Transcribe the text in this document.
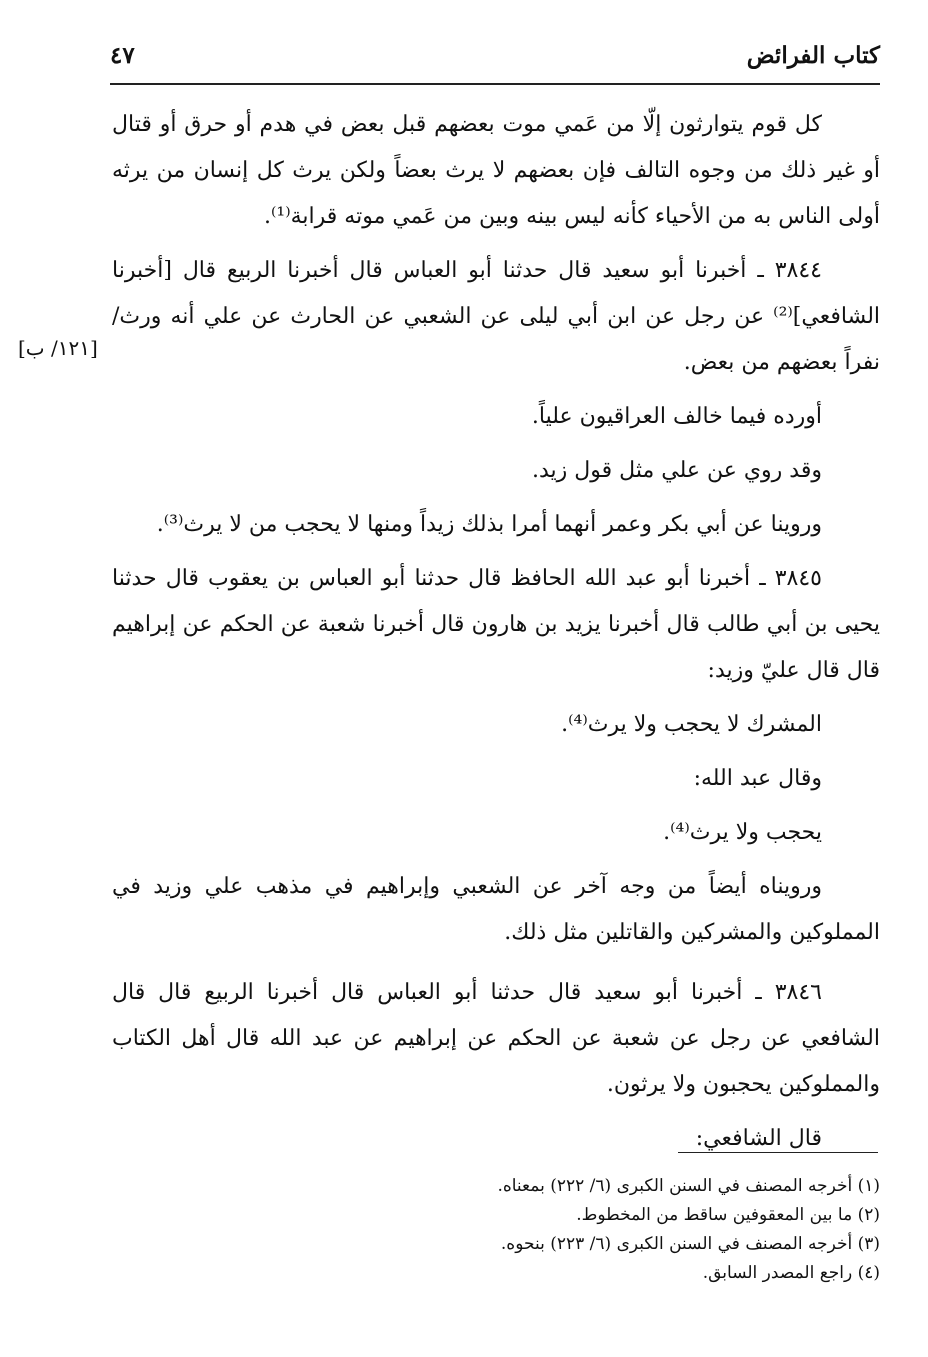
كتاب الفرائض
٤٧
[١٢١/ ب]

كل قوم يتوارثون إلّا من عَمي موت بعضهم قبل بعض في هدم أو حرق أو قتال أو غير ذلك من وجوه التالف فإن بعضهم لا يرث بعضاً ولكن يرث كل إنسان من يرثه أولى الناس به من الأحياء كأنه ليس بينه وبين من عَمي موته قرابة⁽¹⁾.

٣٨٤٤ ـ أخبرنا أبو سعيد قال حدثنا أبو العباس قال أخبرنا الربيع قال [أخبرنا الشافعي]⁽²⁾ عن رجل عن ابن أبي ليلى عن الشعبي عن الحارث عن علي أنه ورث/ نفراً بعضهم من بعض.

أورده فيما خالف العراقيون علياً.

وقد روي عن علي مثل قول زيد.

وروينا عن أبي بكر وعمر أنهما أمرا بذلك زيداً ومنها لا يحجب من لا يرث⁽³⁾.

٣٨٤٥ ـ أخبرنا أبو عبد الله الحافظ قال حدثنا أبو العباس بن يعقوب قال حدثنا يحيى بن أبي طالب قال أخبرنا يزيد بن هارون قال أخبرنا شعبة عن الحكم عن إبراهيم قال قال عليّ وزيد:

المشرك لا يحجب ولا يرث⁽⁴⁾.

وقال عبد الله:

يحجب ولا يرث⁽⁴⁾.

ورويناه أيضاً من وجه آخر عن الشعبي وإبراهيم في مذهب علي وزيد في المملوكين والمشركين والقاتلين مثل ذلك.

٣٨٤٦ ـ أخبرنا أبو سعيد قال حدثنا أبو العباس قال أخبرنا الربيع قال قال الشافعي عن رجل عن شعبة عن الحكم عن إبراهيم عن عبد الله قال أهل الكتاب والمملوكين يحجبون ولا يرثون.

قال الشافعي:

(١) أخرجه المصنف في السنن الكبرى (٦/ ٢٢٢) بمعناه.
(٢) ما بين المعقوفين ساقط من المخطوط.
(٣) أخرجه المصنف في السنن الكبرى (٦/ ٢٢٣) بنحوه.
(٤) راجع المصدر السابق.
